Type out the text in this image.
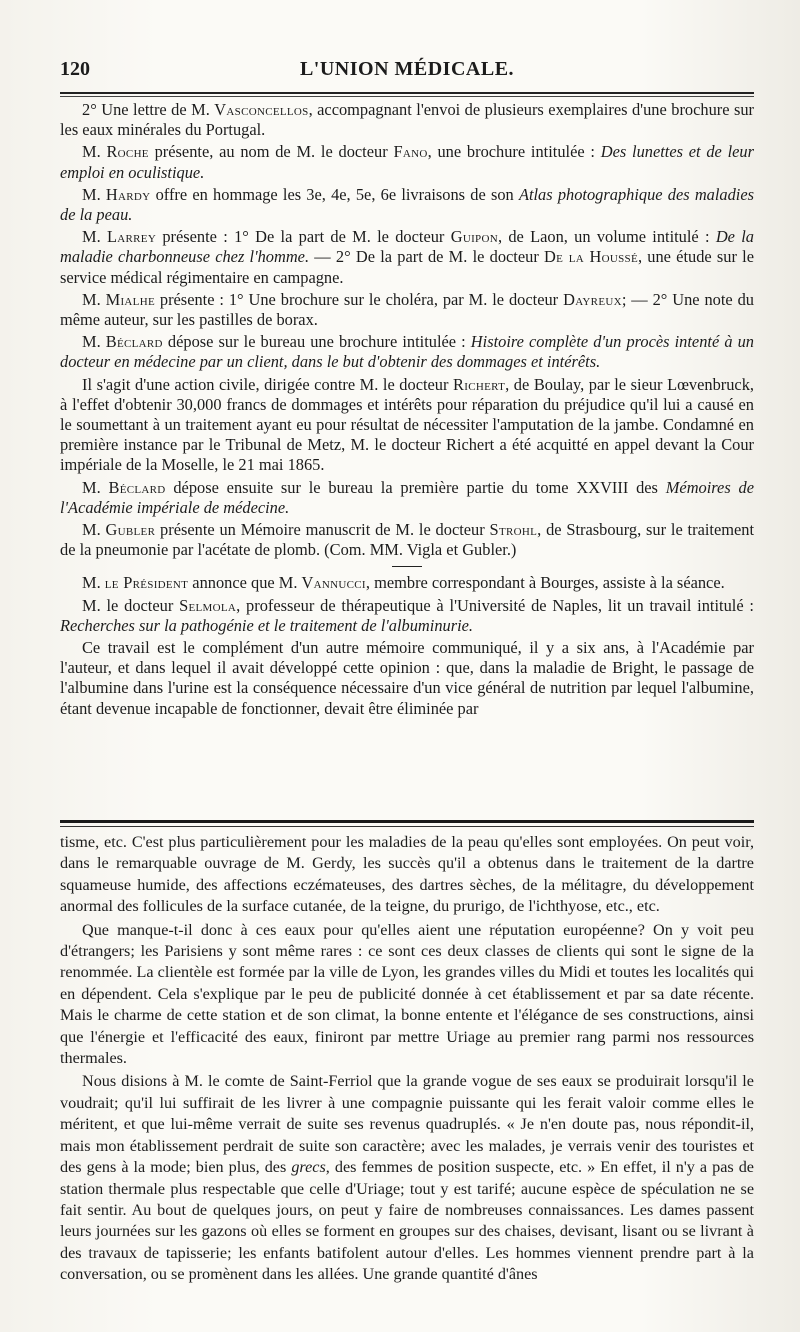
120	L'UNION MÉDICALE.

2° Une lettre de M. Vasconcellos, accompagnant l'envoi de plusieurs exemplaires d'une brochure sur les eaux minérales du Portugal.

M. Roche présente, au nom de M. le docteur Fano, une brochure intitulée : Des lunettes et de leur emploi en oculistique.

M. Hardy offre en hommage les 3e, 4e, 5e, 6e livraisons de son Atlas photographique des maladies de la peau.

M. Larrey présente : 1° De la part de M. le docteur Guipon, de Laon, un volume intitulé : De la maladie charbonneuse chez l'homme. — 2° De la part de M. le docteur De la Houssé, une étude sur le service médical régimentaire en campagne.

M. Mialhe présente : 1° Une brochure sur le choléra, par M. le docteur Dayreux; — 2° Une note du même auteur, sur les pastilles de borax.

M. Béclard dépose sur le bureau une brochure intitulée : Histoire complète d'un procès intenté à un docteur en médecine par un client, dans le but d'obtenir des dommages et intérêts.

Il s'agit d'une action civile, dirigée contre M. le docteur Richert, de Boulay, par le sieur Lœvenbruck, à l'effet d'obtenir 30,000 francs de dommages et intérêts pour réparation du préjudice qu'il lui a causé en le soumettant à un traitement ayant eu pour résultat de nécessiter l'amputation de la jambe. Condamné en première instance par le Tribunal de Metz, M. le docteur Richert a été acquitté en appel devant la Cour impériale de la Moselle, le 21 mai 1865.

M. Béclard dépose ensuite sur le bureau la première partie du tome XXVIII des Mémoires de l'Académie impériale de médecine.

M. Gubler présente un Mémoire manuscrit de M. le docteur Strohl, de Strasbourg, sur le traitement de la pneumonie par l'acétate de plomb. (Com. MM. Vigla et Gubler.)

M. le Président annonce que M. Vannucci, membre correspondant à Bourges, assiste à la séance.

M. le docteur Selmola, professeur de thérapeutique à l'Université de Naples, lit un travail intitulé : Recherches sur la pathogénie et le traitement de l'albuminurie.

Ce travail est le complément d'un autre mémoire communiqué, il y a six ans, à l'Académie par l'auteur, et dans lequel il avait développé cette opinion : que, dans la maladie de Bright, le passage de l'albumine dans l'urine est la conséquence nécessaire d'un vice général de nutrition par lequel l'albumine, étant devenue incapable de fonctionner, devait être éliminée par

tisme, etc. C'est plus particulièrement pour les maladies de la peau qu'elles sont employées. On peut voir, dans le remarquable ouvrage de M. Gerdy, les succès qu'il a obtenus dans le traitement de la dartre squameuse humide, des affections eczémateuses, des dartres sèches, de la mélitagre, du développement anormal des follicules de la surface cutanée, de la teigne, du prurigo, de l'ichthyose, etc., etc.

Que manque-t-il donc à ces eaux pour qu'elles aient une réputation européenne? On y voit peu d'étrangers; les Parisiens y sont même rares : ce sont ces deux classes de clients qui sont le signe de la renommée. La clientèle est formée par la ville de Lyon, les grandes villes du Midi et toutes les localités qui en dépendent. Cela s'explique par le peu de publicité donnée à cet établissement et par sa date récente. Mais le charme de cette station et de son climat, la bonne entente et l'élégance de ses constructions, ainsi que l'énergie et l'efficacité des eaux, finiront par mettre Uriage au premier rang parmi nos ressources thermales.

Nous disions à M. le comte de Saint-Ferriol que la grande vogue de ses eaux se produirait lorsqu'il le voudrait; qu'il lui suffirait de les livrer à une compagnie puissante qui les ferait valoir comme elles le méritent, et que lui-même verrait de suite ses revenus quadruplés. « Je n'en doute pas, nous répondit-il, mais mon établissement perdrait de suite son caractère; avec les malades, je verrais venir des touristes et des gens à la mode; bien plus, des grecs, des femmes de position suspecte, etc. » En effet, il n'y a pas de station thermale plus respectable que celle d'Uriage; tout y est tarifé; aucune espèce de spéculation ne se fait sentir. Au bout de quelques jours, on peut y faire de nombreuses connaissances. Les dames passent leurs journées sur les gazons où elles se forment en groupes sur des chaises, devisant, lisant ou se livrant à des travaux de tapisserie; les enfants batifolent autour d'elles. Les hommes viennent prendre part à la conversation, ou se promènent dans les allées. Une grande quantité d'ânes
